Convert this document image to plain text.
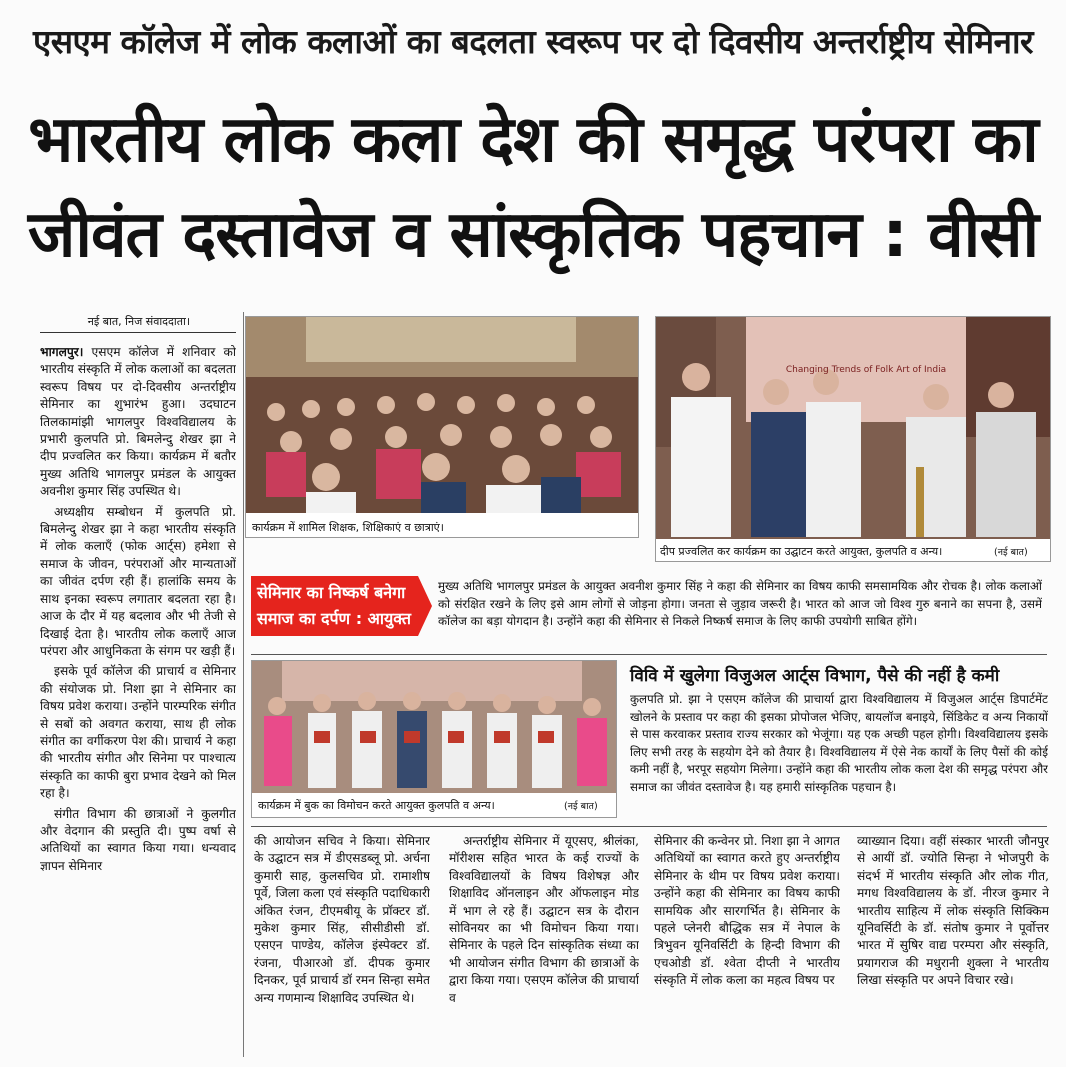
एसएम कॉलेज में लोक कलाओं का बदलता स्वरूप पर दो दिवसीय अन्तर्राष्ट्रीय सेमिनार
भारतीय लोक कला देश की समृद्ध परंपरा का
जीवंत दस्तावेज व सांस्कृतिक पहचान : वीसी
नई बात, निज संवाददाता।

भागलपुर। एसएम कॉलेज में शनिवार को भारतीय संस्कृति में लोक कलाओं का बदलता स्वरूप विषय पर दो-दिवसीय अन्तर्राष्ट्रीय सेमिनार का शुभारंभ हुआ। उदघाटन तिलकामांझी भागलपुर विश्वविद्यालय के प्रभारी कुलपति प्रो. बिमलेन्दु शेखर झा ने दीप प्रज्वलित कर किया। कार्यक्रम में बतौर मुख्य अतिथि भागलपुर प्रमंडल के आयुक्त अवनीश कुमार सिंह उपस्थित थे।

अध्यक्षीय सम्बोधन में कुलपति प्रो. बिमलेन्दु शेखर झा ने कहा भारतीय संस्कृति में लोक कलाएँ (फोक आर्ट्स) हमेशा से समाज के जीवन, परंपराओं और मान्यताओं का जीवंत दर्पण रही हैं। हालांकि समय के साथ इनका स्वरूप लगातार बदलता रहा है। आज के दौर में यह बदलाव और भी तेजी से दिखाई देता है। भारतीय लोक कलाएँ आज परंपरा और आधुनिकता के संगम पर खड़ी हैं।

इसके पूर्व कॉलेज की प्राचार्य व सेमिनार की संयोजक प्रो. निशा झा ने सेमिनार का विषय प्रवेश कराया। उन्होंने पारम्परिक संगीत से सबों को अवगत कराया, साथ ही लोक संगीत का वर्गीकरण पेश की। प्राचार्य ने कहा की भारतीय संगीत और सिनेमा पर पाश्चात्य संस्कृति का काफी बुरा प्रभाव देखने को मिल रहा है।

संगीत विभाग की छात्राओं ने कुलगीत और वेदगान की प्रस्तुति दी। पुष्प वर्षा से अतिथियों का स्वागत किया गया। धन्यवाद ज्ञापन सेमिनार

कार्यक्रम में शामिल शिक्षक, शिक्षिकाएं व छात्राएं।
Changing Trends of Folk Art of India
दीप प्रज्वलित कर कार्यक्रम का उद्घाटन करते आयुक्त, कुलपति व अन्य।	(नई बात)
सेमिनार का निष्कर्ष बनेगा
समाज का दर्पण : आयुक्त
मुख्य अतिथि भागलपुर प्रमंडल के आयुक्त अवनीश कुमार सिंह ने कहा की सेमिनार का विषय काफी समसामयिक और रोचक है। लोक कलाओं को संरक्षित रखने के लिए इसे आम लोगों से जोड़ना होगा। जनता से जुड़ाव जरूरी है। भारत को आज जो विश्व गुरु बनाने का सपना है, उसमें कॉलेज का बड़ा योगदान है। उन्होंने कहा की सेमिनार से निकले निष्कर्ष समाज के लिए काफी उपयोगी साबित होंगे।
कार्यक्रम में बुक का विमोचन करते आयुक्त कुलपति व अन्य।	(नई बात)
विवि में खुलेगा विजुअल आर्ट्स विभाग, पैसे की नहीं है कमी
कुलपति प्रो. झा ने एसएम कॉलेज की प्राचार्या द्वारा विश्वविद्यालय में विजुअल आर्ट्स डिपार्टमेंट खोलने के प्रस्ताव पर कहा की इसका प्रोपोजल भेजिए, बायलॉज बनाइये, सिंडिकेट व अन्य निकायों से पास करवाकर प्रस्ताव राज्य सरकार को भेजूंगा। यह एक अच्छी पहल होगी। विश्वविद्यालय इसके लिए सभी तरह के सहयोग देने को तैयार है। विश्वविद्यालय में ऐसे नेक कार्यों के लिए पैसों की कोई कमी नहीं है, भरपूर सहयोग मिलेगा। उन्होंने कहा की भारतीय लोक कला देश की समृद्ध परंपरा और समाज का जीवंत दस्तावेज है। यह हमारी सांस्कृतिक पहचान है।

की आयोजन सचिव ने किया। सेमिनार के उद्घाटन सत्र में डीएसडब्लू प्रो. अर्चना कुमारी साह, कुलसचिव प्रो. रामाशीष पूर्वे, जिला कला एवं संस्कृति पदाधिकारी अंकित रंजन, टीएमबीयू के प्रॉक्टर डॉ. मुकेश कुमार सिंह, सीसीडीसी डॉ. एसएन पाण्डेय, कॉलेज इंस्पेक्टर डॉ. रंजना, पीआरओ डॉ. दीपक कुमार दिनकर, पूर्व प्राचार्य डॉ रमन सिन्हा समेत अन्य गणमान्य शिक्षाविद उपस्थित थे।

अन्तर्राष्ट्रीय सेमिनार में यूएसए, श्रीलंका, मॉरीशस सहित भारत के कई राज्यों के विश्वविद्यालयों के विषय विशेषज्ञ और शिक्षाविद ऑनलाइन और ऑफलाइन मोड में भाग ले रहे हैं। उद्घाटन सत्र के दौरान सोविनयर का भी विमोचन किया गया। सेमिनार के पहले दिन सांस्कृतिक संध्या का भी आयोजन संगीत विभाग की छात्राओं के द्वारा किया गया। एसएम कॉलेज की प्राचार्या व

सेमिनार की कन्वेनर प्रो. निशा झा ने आगत अतिथियों का स्वागत करते हुए अन्तर्राष्ट्रीय सेमिनार के थीम पर विषय प्रवेश कराया। उन्होंने कहा की सेमिनार का विषय काफी सामयिक और सारगर्भित है। सेमिनार के पहले प्लेनरी बौद्धिक सत्र में नेपाल के त्रिभुवन यूनिवर्सिटी के हिन्दी विभाग की एचओडी डॉ. श्वेता दीप्ती ने भारतीय संस्कृति में लोक कला का महत्व विषय पर

व्याख्यान दिया। वहीं संस्कार भारती जौनपुर से आयीं डॉ. ज्योति सिन्हा ने भोजपुरी के संदर्भ में भारतीय संस्कृति और लोक गीत, मगध विश्वविद्यालय के डॉ. नीरज कुमार ने भारतीय साहित्य में लोक संस्कृति सिक्किम यूनिवर्सिटी के डॉ. संतोष कुमार ने पूर्वोत्तर भारत में सुषिर वाद्य परम्परा और संस्कृति, प्रयागराज की मधुरानी शुक्ला ने भारतीय लिखा संस्कृति पर अपने विचार रखे।
